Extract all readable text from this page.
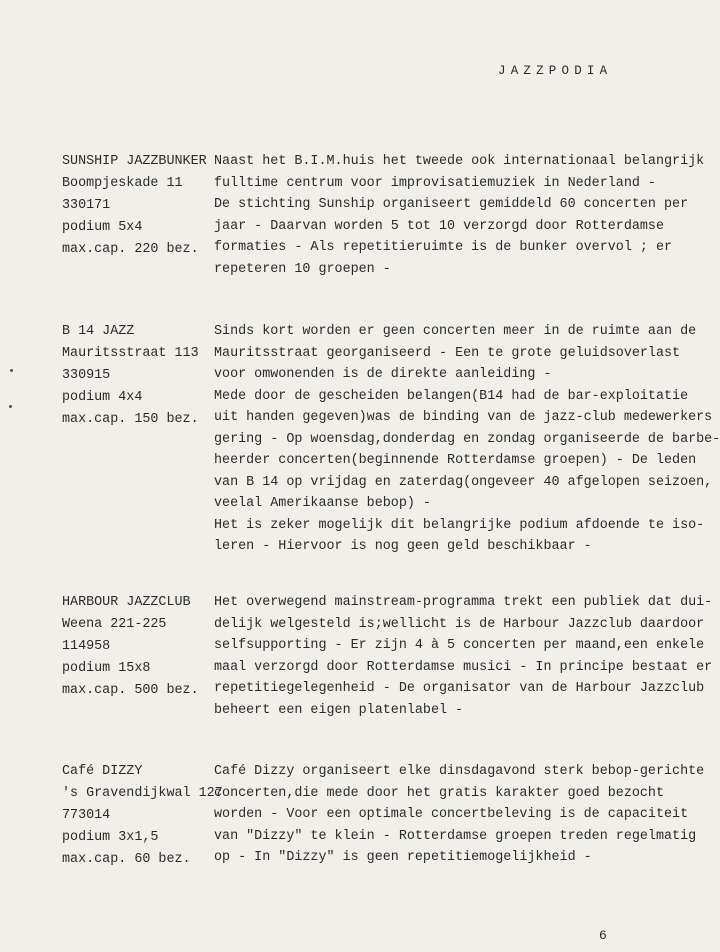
JAZZPODIA
SUNSHIP JAZZBUNKER
Boompjeskade 11
330171
podium 5x4
max.cap. 220 bez.
Naast het B.I.M.huis het tweede ook internationaal belangrijk
fulltime centrum voor improvisatiemuziek in Nederland -
De stichting Sunship organiseert gemiddeld 60 concerten per
jaar - Daarvan worden 5 tot 10 verzorgd door Rotterdamse
formaties - Als repetitieruimte is de bunker overvol ; er
repeteren 10 groepen -
B 14 JAZZ
Mauritsstraat 113
330915
podium 4x4
max.cap. 150 bez.
Sinds kort worden er geen concerten meer in de ruimte aan de
Mauritsstraat georganiseerd - Een te grote geluidsoverlast
voor omwonenden is de direkte aanleiding -
Mede door de gescheiden belangen(B14 had de bar-exploitatie
uit handen gegeven)was de binding van de jazz-club medewerkers
gering - Op woensdag,donderdag en zondag organiseerde de barbe-
heerder concerten(beginnende Rotterdamse groepen) - De leden
van B 14 op vrijdag en zaterdag(ongeveer 40 afgelopen seizoen,
veelal Amerikaanse bebop) -
Het is zeker mogelijk dit belangrijke podium afdoende te iso-
leren - Hiervoor is nog geen geld beschikbaar -
HARBOUR JAZZCLUB
Weena 221-225
114958
podium 15x8
max.cap. 500 bez.
Het overwegend mainstream-programma trekt een publiek dat dui-
delijk welgesteld is;wellicht is de Harbour Jazzclub daardoor
selfsupporting - Er zijn 4 à 5 concerten per maand,een enkele
maal verzorgd door Rotterdamse musici - In principe bestaat er
repetitiegelegenheid - De organisator van de Harbour Jazzclub
beheert een eigen platenlabel -
Café DIZZY
's Gravendijkwal 127
773014
podium 3x1,5
max.cap. 60 bez.
Café Dizzy organiseert elke dinsdagavond sterk bebop-gerichte
concerten,die mede door het gratis karakter goed bezocht
worden - Voor een optimale concertbeleving is de capaciteit
van "Dizzy" te klein - Rotterdamse groepen treden regelmatig
op - In "Dizzy" is geen repetitiemogelijkheid -
6
